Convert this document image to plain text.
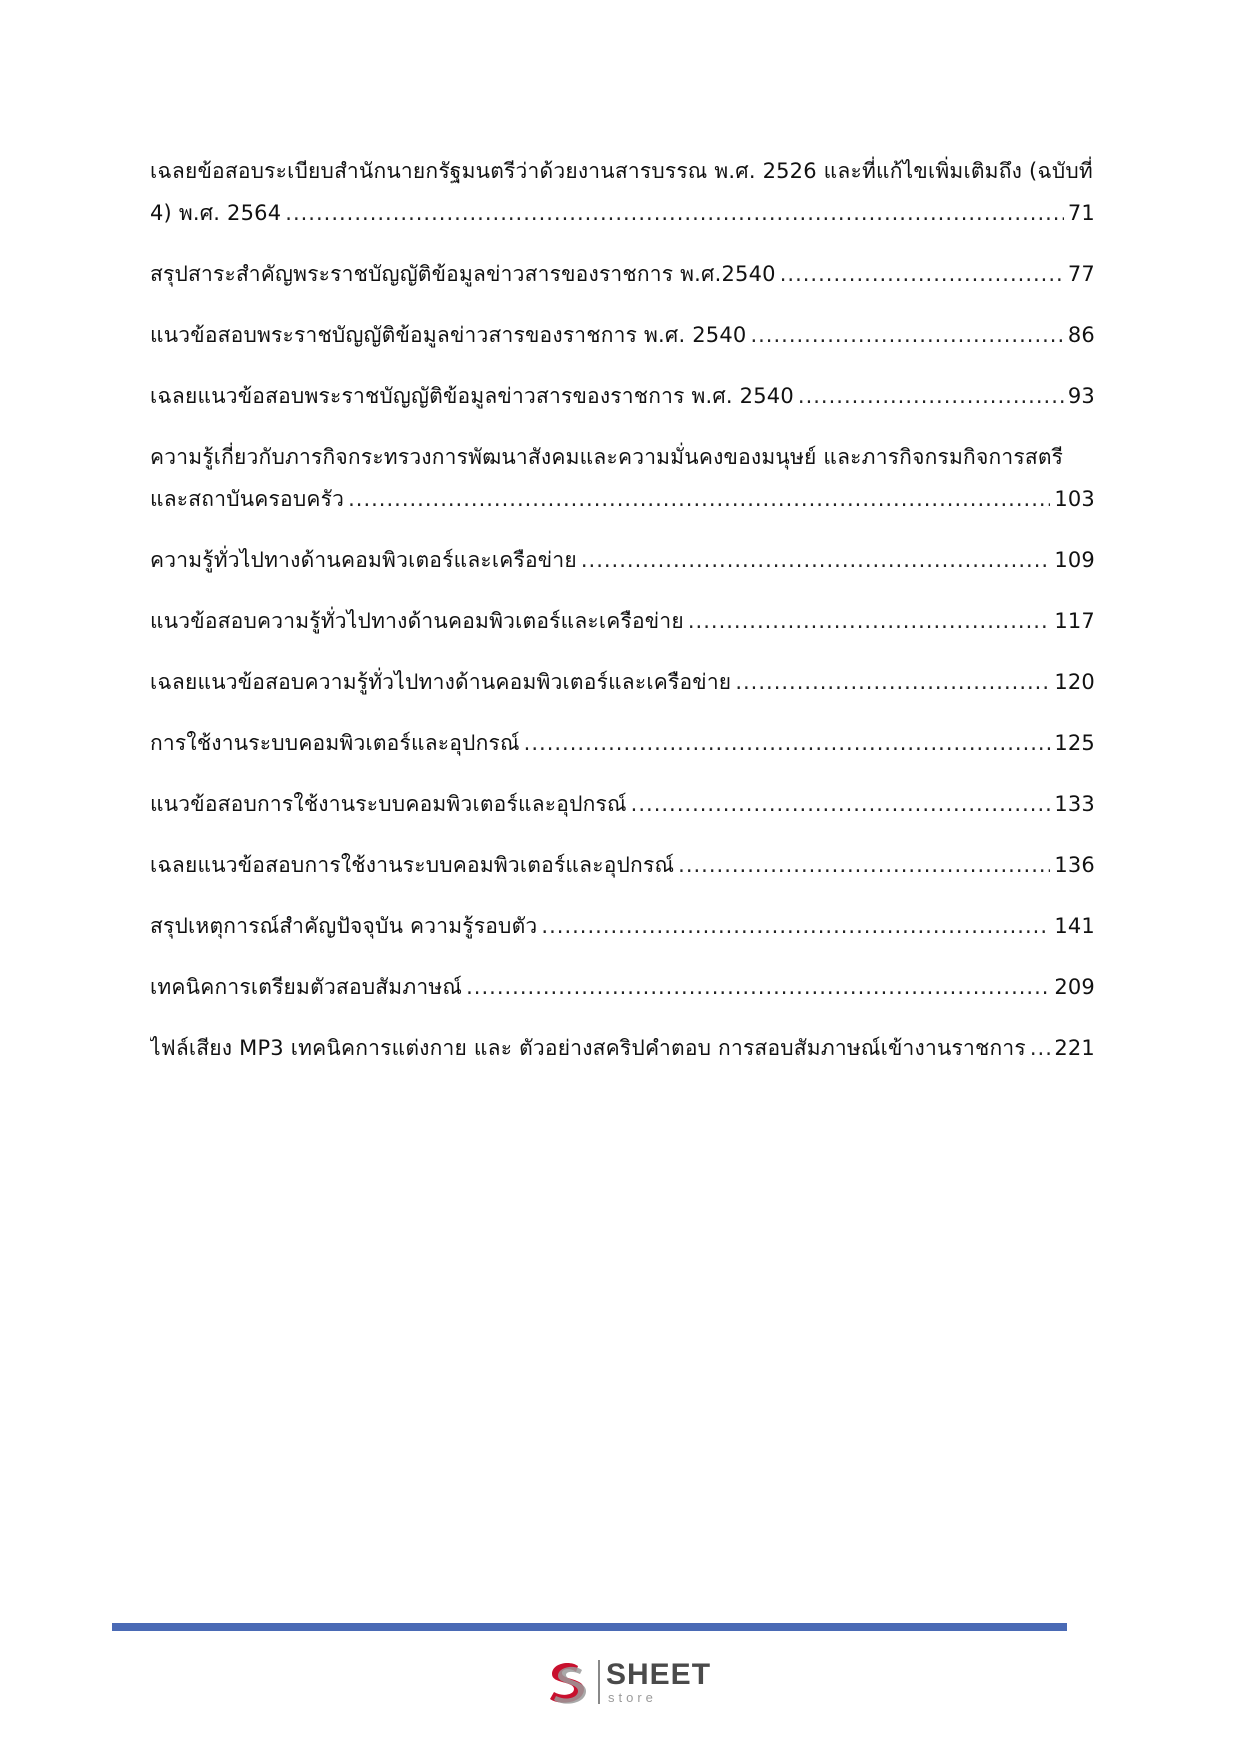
เฉลยข้อสอบระเบียบสำนักนายกรัฐมนตรีว่าด้วยงานสารบรรณ พ.ศ. 2526 และที่แก้ไขเพิ่มเติมถึง (ฉบับที่
4) พ.ศ. 2564 .....	71
สรุปสาระสำคัญพระราชบัญญัติข้อมูลข่าวสารของราชการ พ.ศ.2540 .....	77
แนวข้อสอบพระราชบัญญัติข้อมูลข่าวสารของราชการ พ.ศ. 2540 .....	86
เฉลยแนวข้อสอบพระราชบัญญัติข้อมูลข่าวสารของราชการ พ.ศ. 2540 .....	93
ความรู้เกี่ยวกับภารกิจกระทรวงการพัฒนาสังคมและความมั่นคงของมนุษย์ และภารกิจกรมกิจการสตรี
และสถาบันครอบครัว .....	103
ความรู้ทั่วไปทางด้านคอมพิวเตอร์และเครือข่าย .....	109
แนวข้อสอบความรู้ทั่วไปทางด้านคอมพิวเตอร์และเครือข่าย .....	117
เฉลยแนวข้อสอบความรู้ทั่วไปทางด้านคอมพิวเตอร์และเครือข่าย .....	120
การใช้งานระบบคอมพิวเตอร์และอุปกรณ์ .....	125
แนวข้อสอบการใช้งานระบบคอมพิวเตอร์และอุปกรณ์ .....	133
เฉลยแนวข้อสอบการใช้งานระบบคอมพิวเตอร์และอุปกรณ์ .....	136
สรุปเหตุการณ์สำคัญปัจจุบัน ความรู้รอบตัว .....	141
เทคนิคการเตรียมตัวสอบสัมภาษณ์ .....	209
ไฟล์เสียง MP3 เทคนิคการแต่งกาย และ ตัวอย่างสคริปคำตอบ การสอบสัมภาษณ์เข้างานราชการ ..... 221
SHEET
store
